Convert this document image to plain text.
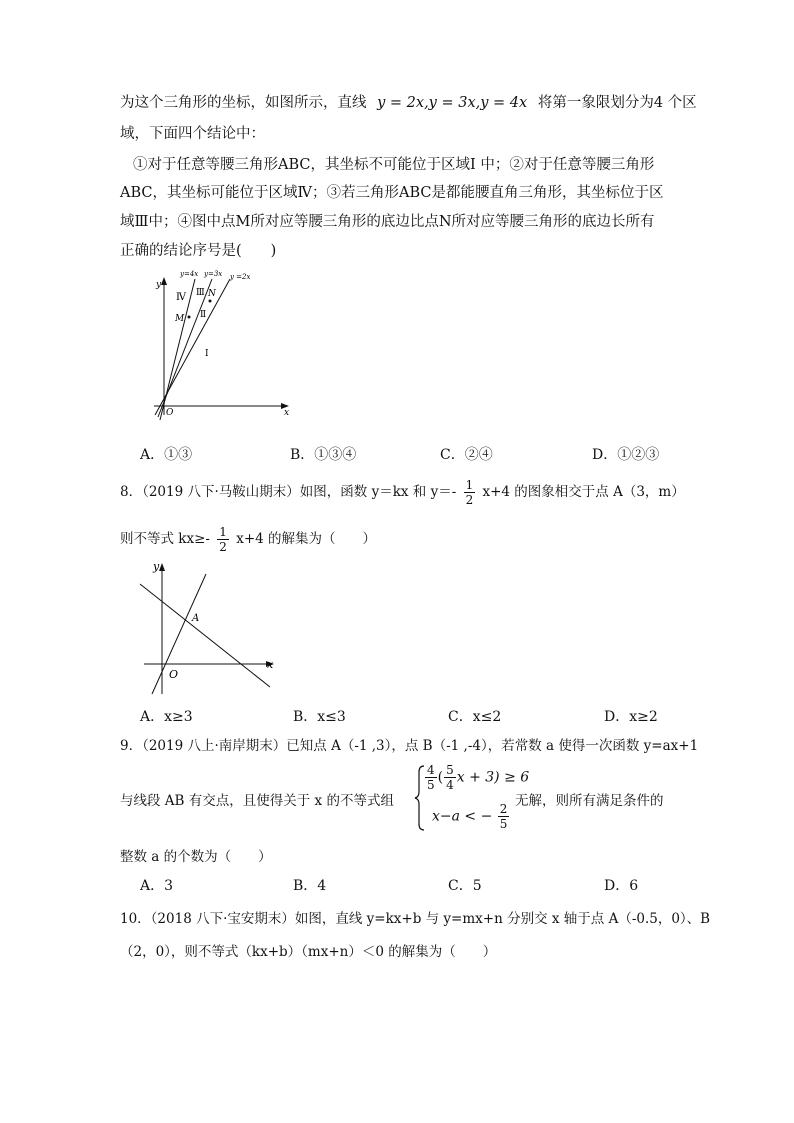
为这个三角形的坐标，如图所示，直线 y = 2x,y = 3x,y = 4x 将第一象限划分为4 个区
域，下面四个结论中：
①对于任意等腰三角形ABC，其坐标不可能位于区域I 中；②对于任意等腰三角形
ABC，其坐标可能位于区域Ⅳ；③若三角形ABC是都能腰直角三角形，其坐标位于区
域Ⅲ中；④图中点M所对应等腰三角形的底边比点N所对应等腰三角形的底边长所有
正确的结论序号是(　　)
y=4x y=3x y =2x
Ⅳ Ⅲ
Ⅱ
I
M
N
O	x
y
A．①③	B．①③④	C．②④	D．①②③
8．（2019 八下·马鞍山期末）如图，函数 y＝kx 和 $y=- \frac{1}{2} x+4$ 的图象相交于点 A（3，m）
则不等式 $kx\ge- \frac{1}{2} x+4$ 的解集为（　　）
y
x
A
O
A．x≥3	B．x≤3	C．x≤2	D．x≥2
9．（2019 八上·南岸期末）已知点 A（-1 ,3），点 B（-1 ,-4），若常数 a 使得一次函数 y=ax+1
与线段 AB 有交点，且使得关于 x 的不等式组
$\frac{4}{5}$ ( $\frac{5}{4}$ x + 3) ≥ 6
x−a < − $\frac{2}{5}$
无解，则所有满足条件的
整数 a 的个数为（　　）
A．3	B．4	C．5	D．6
10．（2018 八下·宝安期末）如图，直线 y=kx+b 与 y=mx+n 分别交 x 轴于点 A（-0.5，0）、B
（2，0），则不等式（kx+b）（mx+n）＜0 的解集为（　　）
